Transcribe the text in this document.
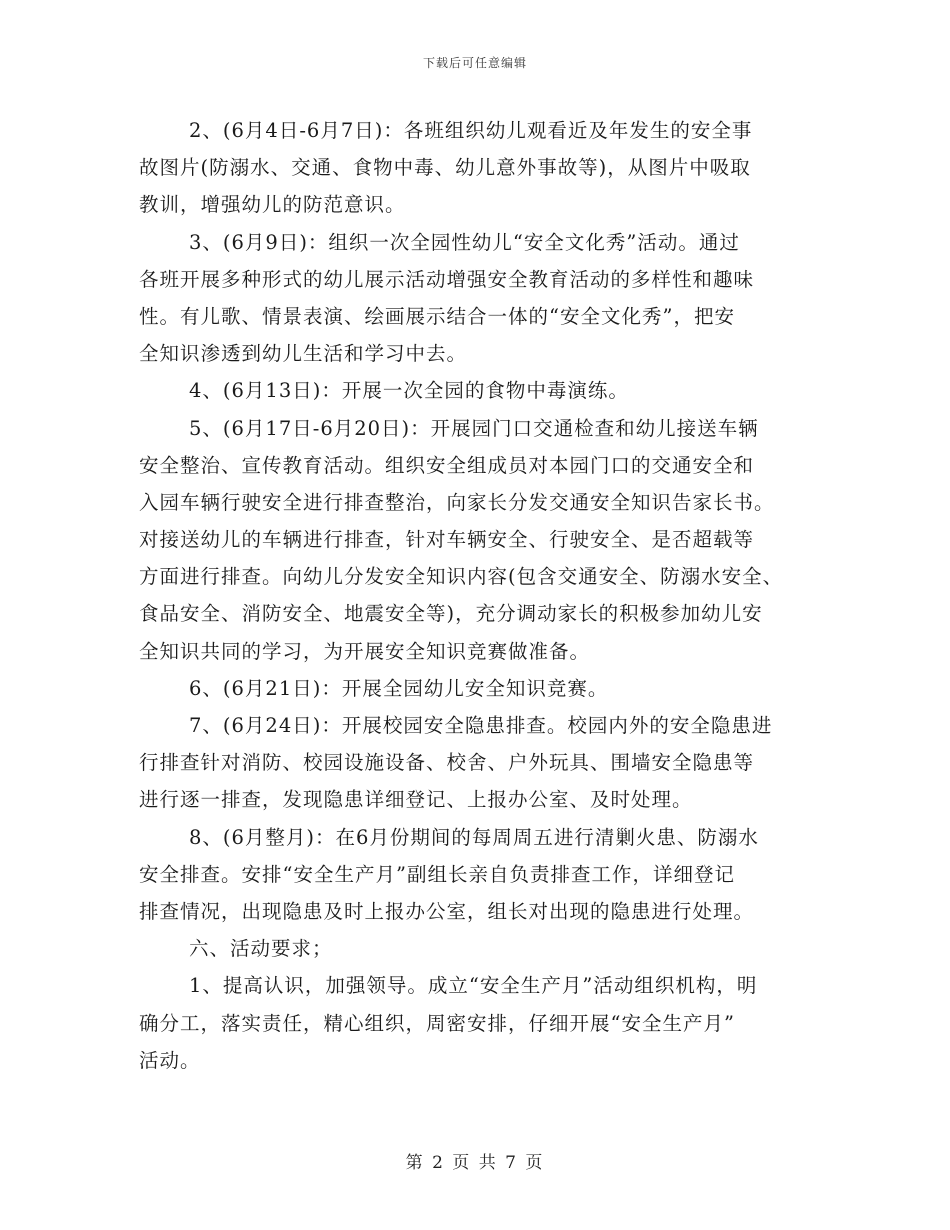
下载后可任意编辑
2、(6月4日-6月7日)：各班组织幼儿观看近及年发生的安全事
故图片(防溺水、交通、食物中毒、幼儿意外事故等)，从图片中吸取
教训，增强幼儿的防范意识。
3、(6月9日)：组织一次全园性幼儿“安全文化秀”活动。通过
各班开展多种形式的幼儿展示活动增强安全教育活动的多样性和趣味
性。有儿歌、情景表演、绘画展示结合一体的“安全文化秀”，把安
全知识渗透到幼儿生活和学习中去。
4、(6月13日)：开展一次全园的食物中毒演练。
5、(6月17日-6月20日)：开展园门口交通检查和幼儿接送车辆
安全整治、宣传教育活动。组织安全组成员对本园门口的交通安全和
入园车辆行驶安全进行排查整治，向家长分发交通安全知识告家长书。
对接送幼儿的车辆进行排查，针对车辆安全、行驶安全、是否超载等
方面进行排查。向幼儿分发安全知识内容(包含交通安全、防溺水安全、
食品安全、消防安全、地震安全等)，充分调动家长的积极参加幼儿安
全知识共同的学习，为开展安全知识竞赛做准备。
6、(6月21日)：开展全园幼儿安全知识竞赛。
7、(6月24日)：开展校园安全隐患排查。校园内外的安全隐患进
行排查针对消防、校园设施设备、校舍、户外玩具、围墙安全隐患等
进行逐一排查，发现隐患详细登记、上报办公室、及时处理。
8、(6月整月)：在6月份期间的每周周五进行清剿火患、防溺水
安全排查。安排“安全生产月”副组长亲自负责排查工作，详细登记
排查情况，出现隐患及时上报办公室，组长对出现的隐患进行处理。
六、活动要求；
1、提高认识，加强领导。成立“安全生产月”活动组织机构，明
确分工，落实责任，精心组织，周密安排，仔细开展“安全生产月”
活动。
第 2 页 共 7 页
